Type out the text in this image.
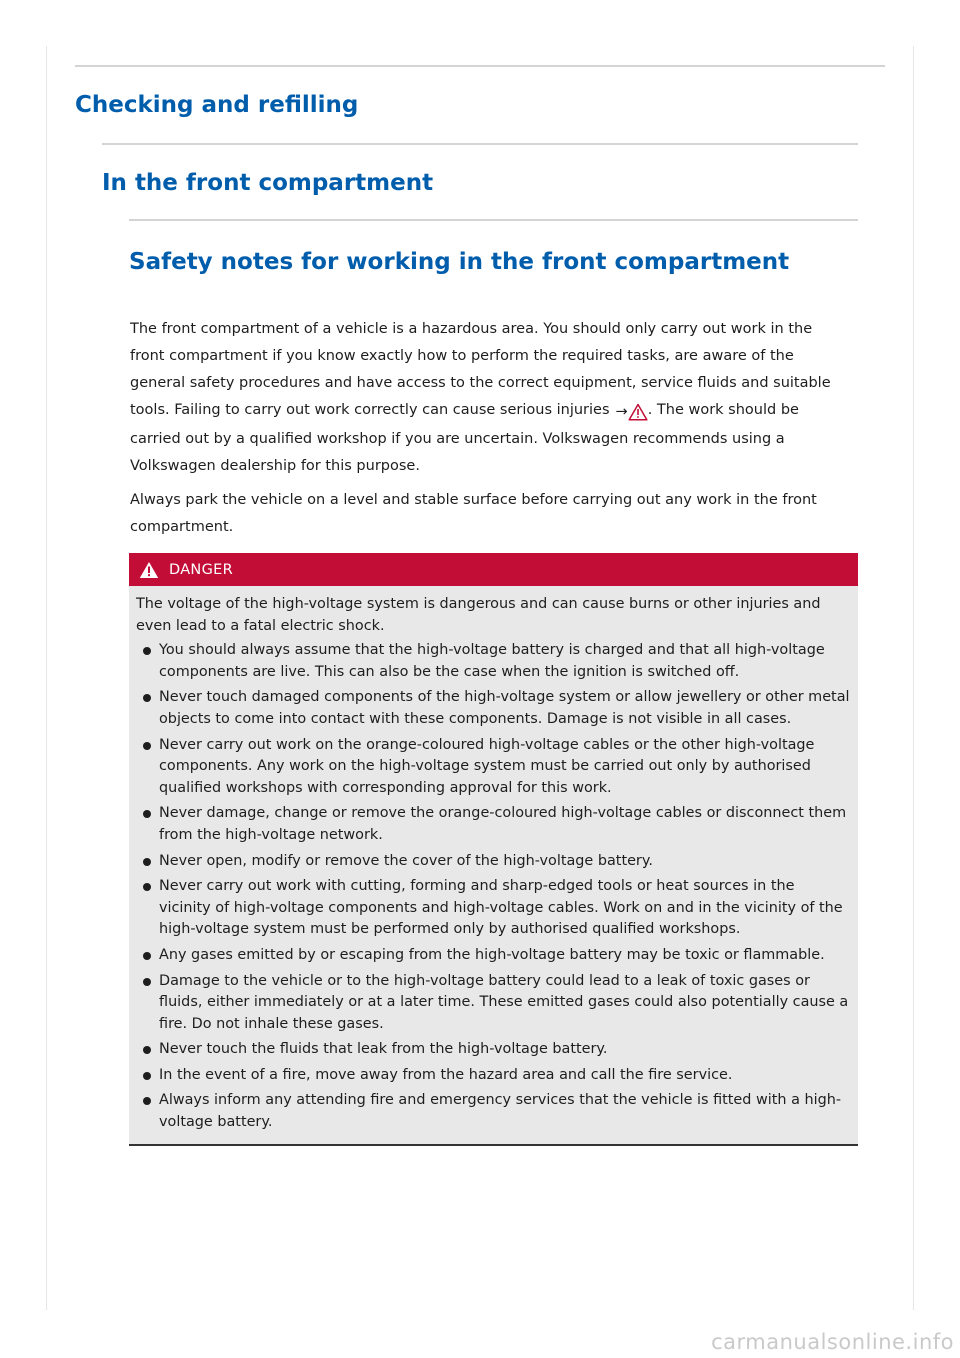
Checking and refilling
In the front compartment
Safety notes for working in the front compartment

The front compartment of a vehicle is a hazardous area. You should only carry out work in the front compartment if you know exactly how to perform the required tasks, are aware of the general safety procedures and have access to the correct equipment, service fluids and suitable tools. Failing to carry out work correctly can cause serious injuries → . The work should be carried out by a qualified workshop if you are uncertain. Volkswagen recommends using a Volkswagen dealership for this purpose.

Always park the vehicle on a level and stable surface before carrying out any work in the front compartment.

DANGER

The voltage of the high-voltage system is dangerous and can cause burns or other injuries and even lead to a fatal electric shock.

You should always assume that the high-voltage battery is charged and that all high-voltage components are live. This can also be the case when the ignition is switched off.
Never touch damaged components of the high-voltage system or allow jewellery or other metal objects to come into contact with these components. Damage is not visible in all cases.
Never carry out work on the orange-coloured high-voltage cables or the other high-voltage components. Any work on the high-voltage system must be carried out only by authorised qualified workshops with corresponding approval for this work.
Never damage, change or remove the orange-coloured high-voltage cables or disconnect them from the high-voltage network.
Never open, modify or remove the cover of the high-voltage battery.
Never carry out work with cutting, forming and sharp-edged tools or heat sources in the vicinity of high-voltage components and high-voltage cables. Work on and in the vicinity of the high-voltage system must be performed only by authorised qualified workshops.
Any gases emitted by or escaping from the high-voltage battery may be toxic or flammable.
Damage to the vehicle or to the high-voltage battery could lead to a leak of toxic gases or fluids, either immediately or at a later time. These emitted gases could also potentially cause a fire. Do not inhale these gases.
Never touch the fluids that leak from the high-voltage battery.
In the event of a fire, move away from the hazard area and call the fire service.
Always inform any attending fire and emergency services that the vehicle is fitted with a high-voltage battery.
carmanualsonline.info
